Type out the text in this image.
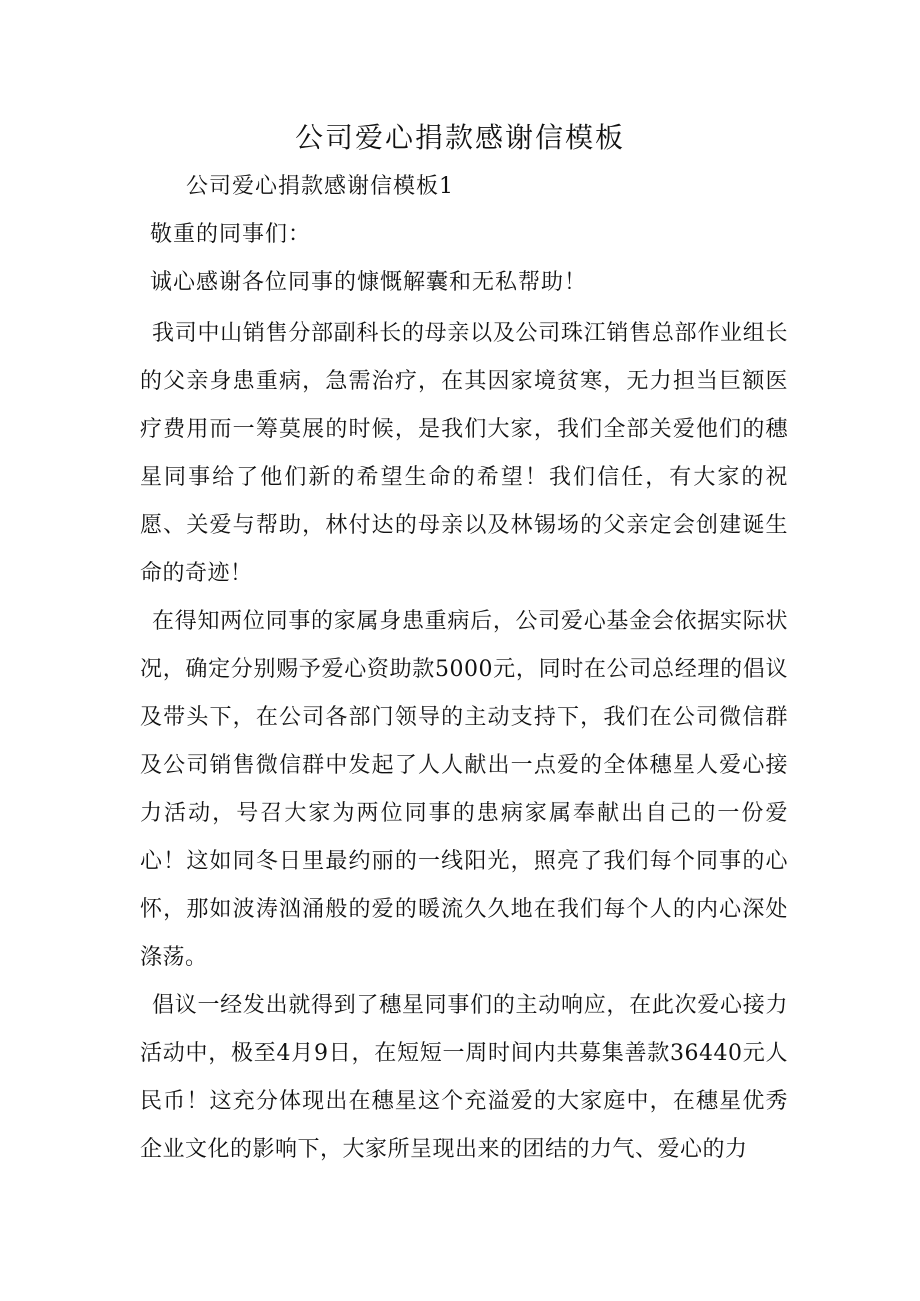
公司爱心捐款感谢信模板

公司爱心捐款感谢信模板1

敬重的同事们：

诚心感谢各位同事的慷慨解囊和无私帮助！

我司中山销售分部副科长的母亲以及公司珠江销售总部作业组长的父亲身患重病，急需治疗，在其因家境贫寒，无力担当巨额医疗费用而一筹莫展的时候，是我们大家，我们全部关爱他们的穗星同事给了他们新的希望生命的希望！我们信任，有大家的祝愿、关爱与帮助，林付达的母亲以及林锡场的父亲定会创建诞生命的奇迹！

在得知两位同事的家属身患重病后，公司爱心基金会依据实际状况，确定分别赐予爱心资助款5000元，同时在公司总经理的倡议及带头下，在公司各部门领导的主动支持下，我们在公司微信群及公司销售微信群中发起了人人献出一点爱的全体穗星人爱心接力活动，号召大家为两位同事的患病家属奉献出自己的一份爱心！这如同冬日里最约丽的一线阳光，照亮了我们每个同事的心怀，那如波涛汹涌般的爱的暖流久久地在我们每个人的内心深处涤荡。

倡议一经发出就得到了穗星同事们的主动响应，在此次爱心接力活动中，极至4月9日，在短短一周时间内共募集善款36440元人民币！这充分体现出在穗星这个充溢爱的大家庭中，在穗星优秀企业文化的影响下，大家所呈现出来的团结的力气、爱心的力
